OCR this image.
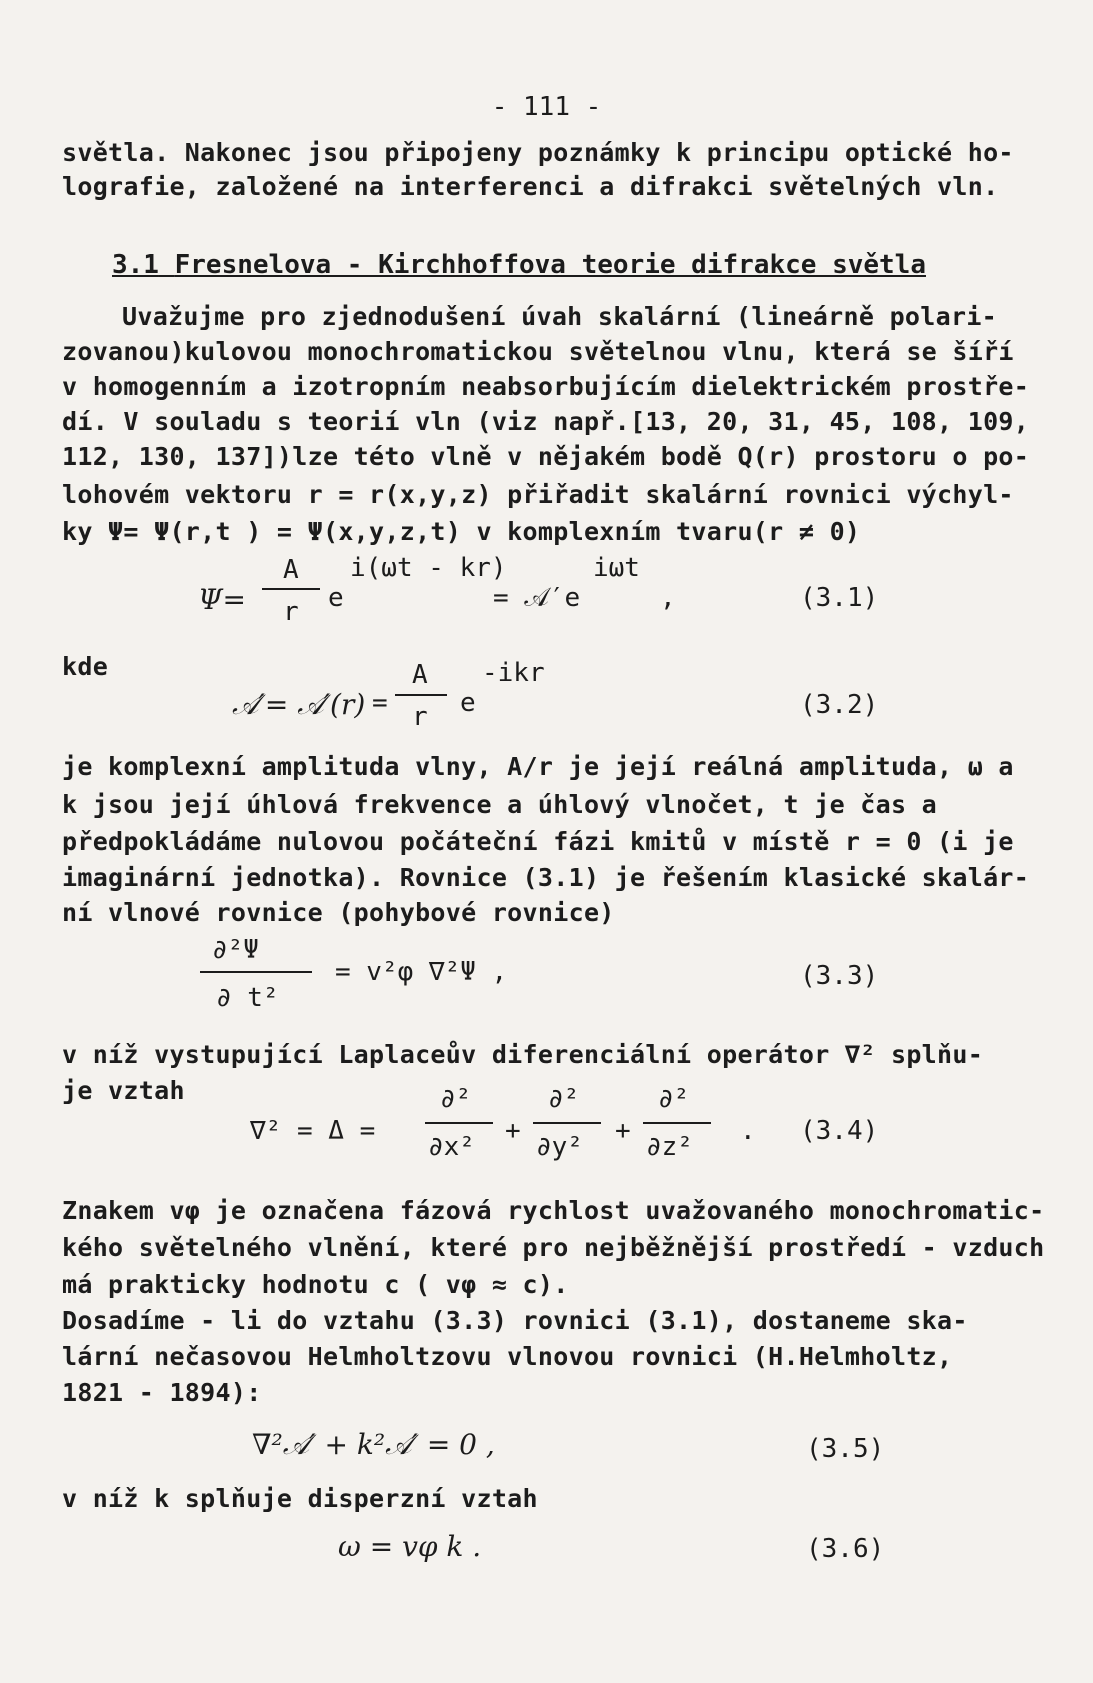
- 111 -
světla. Nakonec jsou připojeny poznámky k principu optické ho-
lografie, založené na interferenci a difrakci světelných vln.
3.1 Fresnelova - Kirchhoffova teorie difrakce světla
Uvažujme pro zjednodušení úvah skalární (lineárně polari-
zovanou)kulovou monochromatickou světelnou vlnu, která se šíří
v homogenním a izotropním neabsorbujícím dielektrickém prostře-
dí. V souladu s teorií vln (viz např.[13, 20, 31, 45, 108, 109,
112, 130, 137])lze této vlně v nějakém bodě Q(r) prostoru o po-
lohovém vektoru r = r(x,y,z) přiřadit skalární rovnici výchyl-
ky Ψ= Ψ(r,t ) = Ψ(x,y,z,t) v komplexním tvaru(r ≠ 0)
Ψ=
A
r e
i(ωt - kr)
= 𝒜′e
iωt
,	(3.1)
kde
𝒜′= 𝒜′(r) =
A
r e
-ikr
(3.2)
je komplexní amplituda vlny, A/r je její reálná amplituda, ω a
k jsou její úhlová frekvence a úhlový vlnočet, t je čas a
předpokládáme nulovou počáteční fázi kmitů v místě r = 0 (i je
imaginární jednotka). Rovnice (3.1) je řešením klasické skalár-
ní vlnové rovnice (pohybové rovnice)
∂²Ψ
∂ t²
= v²φ ∇²Ψ ,	(3.3)
v níž vystupující Laplaceův diferenciální operátor ∇² splňu-
je vztah
∇² = Δ =
∂²
∂x²
+
∂²
∂y²
+
∂²
∂z²
. (3.4)
Znakem vφ je označena fázová rychlost uvažovaného monochromatic-
kého světelného vlnění, které pro nejběžnější prostředí - vzduch
má prakticky hodnotu c ( vφ ≈ c).
Dosadíme - li do vztahu (3.3) rovnici (3.1), dostaneme ska-
lární nečasovou Helmholtzovu vlnovou rovnici (H.Helmholtz,
1821 - 1894):
∇²𝒜′ + k²𝒜′ = 0 ,	(3.5)
v níž k splňuje disperzní vztah
ω = vφ k .	(3.6)
